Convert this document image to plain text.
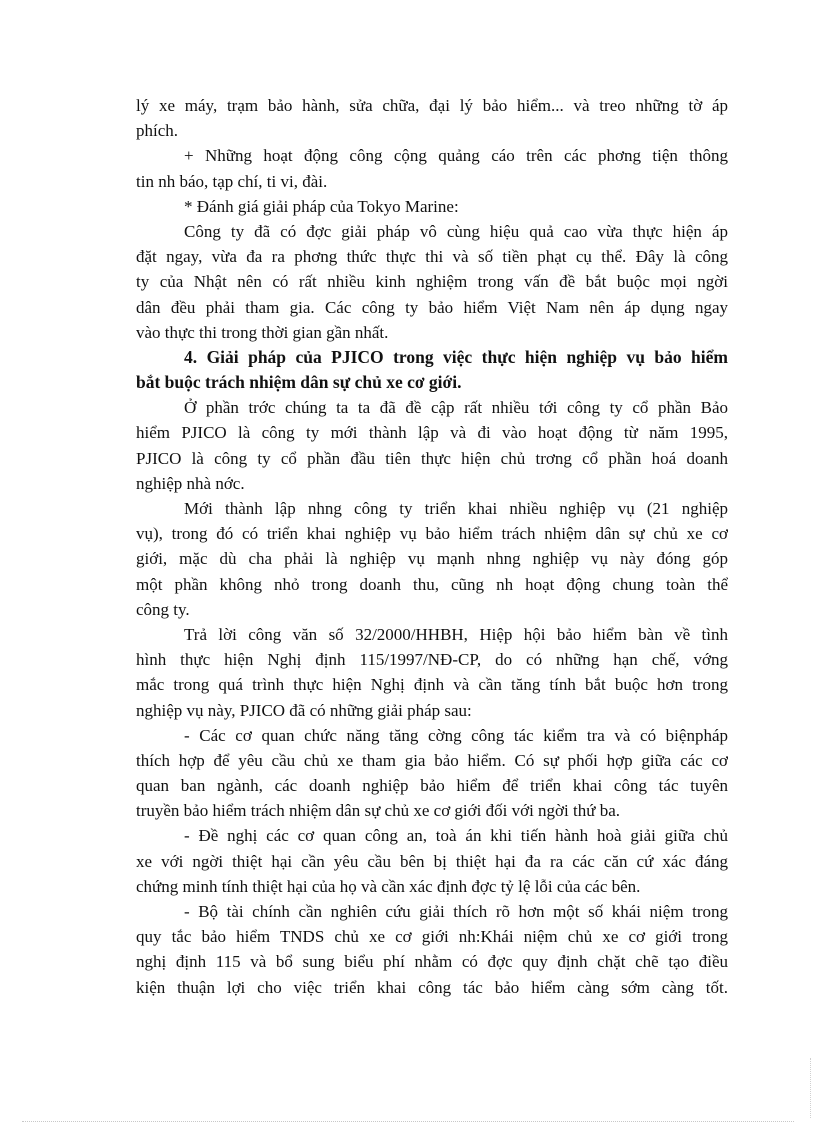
lý xe máy, trạm bảo hành, sửa chữa, đại lý bảo hiểm... và treo những tờ áp
phích.
+ Những hoạt động công cộng quảng cáo trên các phơng tiện thông
tin nh báo, tạp chí, ti vi, đài.
* Đánh giá giải pháp của Tokyo Marine:
Công ty đã có đợc giải pháp vô cùng hiệu quả cao vừa thực hiện áp
đặt ngay, vừa đa ra phơng thức thực thi và số tiền phạt cụ thể. Đây là công
ty của Nhật nên có rất nhiều kinh nghiệm trong vấn đề bắt buộc mọi ngời
dân đều phải tham gia. Các công ty bảo hiểm Việt Nam nên áp dụng ngay
vào thực thi trong thời gian gần nhất.
4. Giải pháp của PJICO trong việc thực hiện nghiệp vụ bảo hiểm
bắt buộc trách nhiệm dân sự chủ xe cơ giới.
Ở phần trớc chúng ta ta đã đề cập rất nhiều tới công ty cổ phần Bảo
hiểm PJICO là công ty mới thành lập và đi vào hoạt động từ năm 1995,
PJICO là công ty cổ phần đầu tiên thực hiện chủ trơng cổ phần hoá doanh
nghiệp nhà nớc.
Mới thành lập nhng công ty triển khai nhiều nghiệp vụ (21 nghiệp
vụ), trong đó có triển khai nghiệp vụ bảo hiểm trách nhiệm dân sự chủ xe cơ
giới, mặc dù cha phải là nghiệp vụ mạnh nhng nghiệp vụ này đóng góp
một phần không nhỏ trong doanh thu, cũng nh hoạt động chung toàn thể
công ty.
Trả lời công văn số 32/2000/HHBH, Hiệp hội bảo hiểm bàn về tình
hình thực hiện Nghị định 115/1997/NĐ-CP, do có những hạn chế, vớng
mắc trong quá trình thực hiện Nghị định và cần tăng tính bắt buộc hơn trong
nghiệp vụ này, PJICO đã có những giải pháp sau:
- Các cơ quan chức năng tăng cờng công tác kiểm tra và có biệnpháp
thích hợp để yêu cầu chủ xe tham gia bảo hiểm. Có sự phối hợp giữa các cơ
quan ban ngành, các doanh nghiệp bảo hiểm để triển khai công tác tuyên
truyền bảo hiểm trách nhiệm dân sự chủ xe cơ giới đối với ngời thứ ba.
- Đề nghị các cơ quan công an, toà án khi tiến hành hoà giải giữa chủ
xe với ngời thiệt hại cần yêu cầu bên bị thiệt hại đa ra các căn cứ xác đáng
chứng minh tính thiệt hại của họ và cần xác định đợc tỷ lệ lỗi của các bên.
- Bộ tài chính cần nghiên cứu giải thích rõ hơn một số khái niệm trong
quy tắc bảo hiểm TNDS chủ xe cơ giới nh:Khái niệm chủ xe cơ giới trong
nghị định 115 và bổ sung biểu phí nhằm có đợc quy định chặt chẽ tạo điều
kiện thuận lợi cho việc triển khai công tác bảo hiểm càng sớm càng tốt.
